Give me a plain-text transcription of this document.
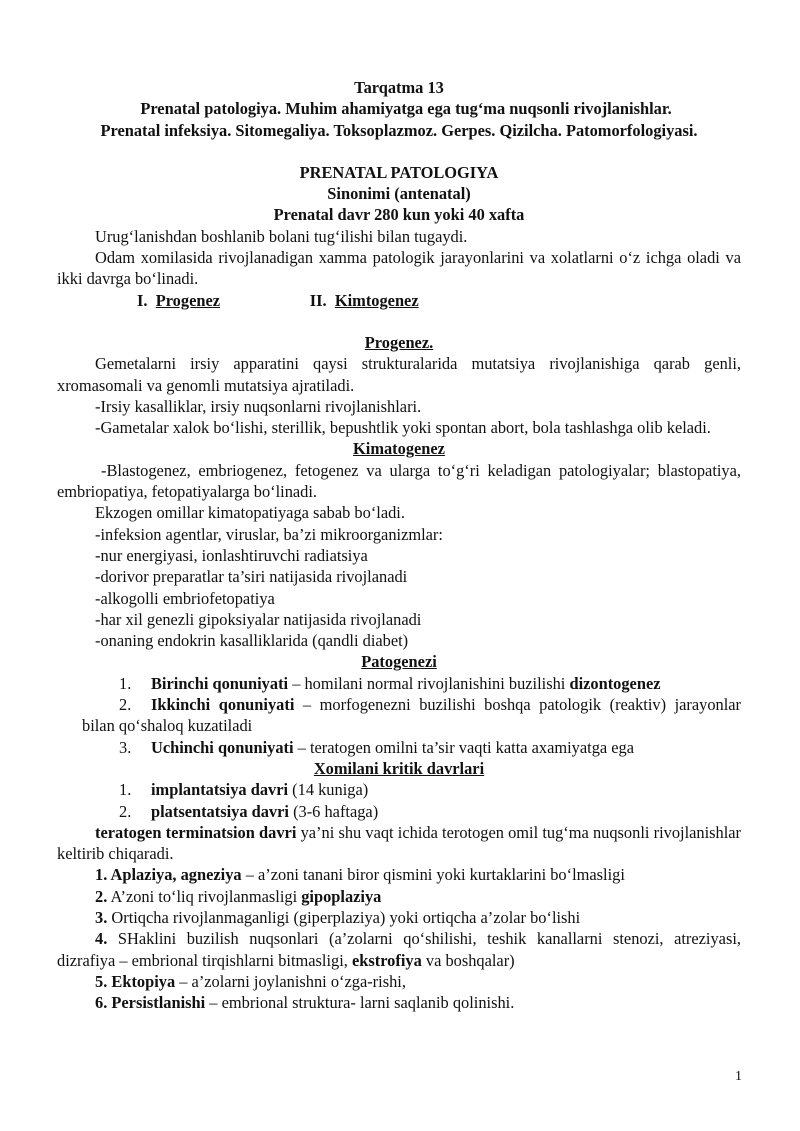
Tarqatma 13

Prenatal patologiya. Muhim ahamiyatga ega tug‘ma nuqsonli rivojlanishlar.

Prenatal infeksiya. Sitomegaliya. Toksoplazmoz. Gerpes. Qizilcha. Patomorfologiyasi.

PRENATAL PATOLOGIYA

Sinonimi (antenatal)

Prenatal davr 280 kun yoki 40 xafta

Urug‘lanishdan boshlanib bolani tug‘ilishi bilan tugaydi.

Odam xomilasida rivojlanadigan xamma patologik jarayonlarini va xolatlarni o‘z ichga oladi va ikki davrga bo‘linadi.

I. Progenez	II. Kimtogenez

Progenez.

Gemetalarni irsiy apparatini qaysi strukturalarida mutatsiya rivojlanishiga qarab genli, xromasomali va genomli mutatsiya ajratiladi.

-Irsiy kasalliklar, irsiy nuqsonlarni rivojlanishlari.

-Gametalar xalok bo‘lishi, sterillik, bepushtlik yoki spontan abort, bola tashlashga olib keladi.

Kimatogenez

-Blastogenez, embriogenez, fetogenez va ularga to‘g‘ri keladigan patologiyalar; blastopatiya, embriopatiya, fetopatiyalarga bo‘linadi.

Ekzogen omillar kimatopatiyaga sabab bo‘ladi.

-infeksion agentlar, viruslar, ba’zi mikroorganizmlar:

-nur energiyasi, ionlashtiruvchi radiatsiya

-dorivor preparatlar ta’siri natijasida rivojlanadi

-alkogolli embriofetopatiya

-har xil genezli gipoksiyalar natijasida rivojlanadi

-onaning endokrin kasalliklarida (qandli diabet)

Patogenezi

1. Birinchi qonuniyati – homilani normal rivojlanishini buzilishi dizontogenez

2. Ikkinchi qonuniyati – morfogenezni buzilishi boshqa patologik (reaktiv) jarayonlar bilan qo‘shaloq kuzatiladi

3. Uchinchi qonuniyati – teratogen omilni ta’sir vaqti katta axamiyatga ega

Xomilani kritik davrlari

1. implantatsiya davri (14 kuniga)

2. platsentatsiya davri (3-6 haftaga)

teratogen terminatsion davri ya’ni shu vaqt ichida terotogen omil tug‘ma nuqsonli rivojlanishlar keltirib chiqaradi.

1. Aplaziya, agneziya – a’zoni tanani biror qismini yoki kurtaklarini bo‘lmasligi

2. A’zoni to‘liq rivojlanmasligi gipoplaziya

3. Ortiqcha rivojlanmaganligi (giperplaziya) yoki ortiqcha a’zolar bo‘lishi

4. SHaklini buzilish nuqsonlari (a’zolarni qo‘shilishi, teshik kanallarni stenozi, atreziyasi, dizrafiya – embrional tirqishlarni bitmasligi, ekstrofiya va boshqalar)

5. Ektopiya – a’zolarni joylanishni o‘zga-rishi,

6. Persistlanishi – embrional struktura- larni saqlanib qolinishi.

1
